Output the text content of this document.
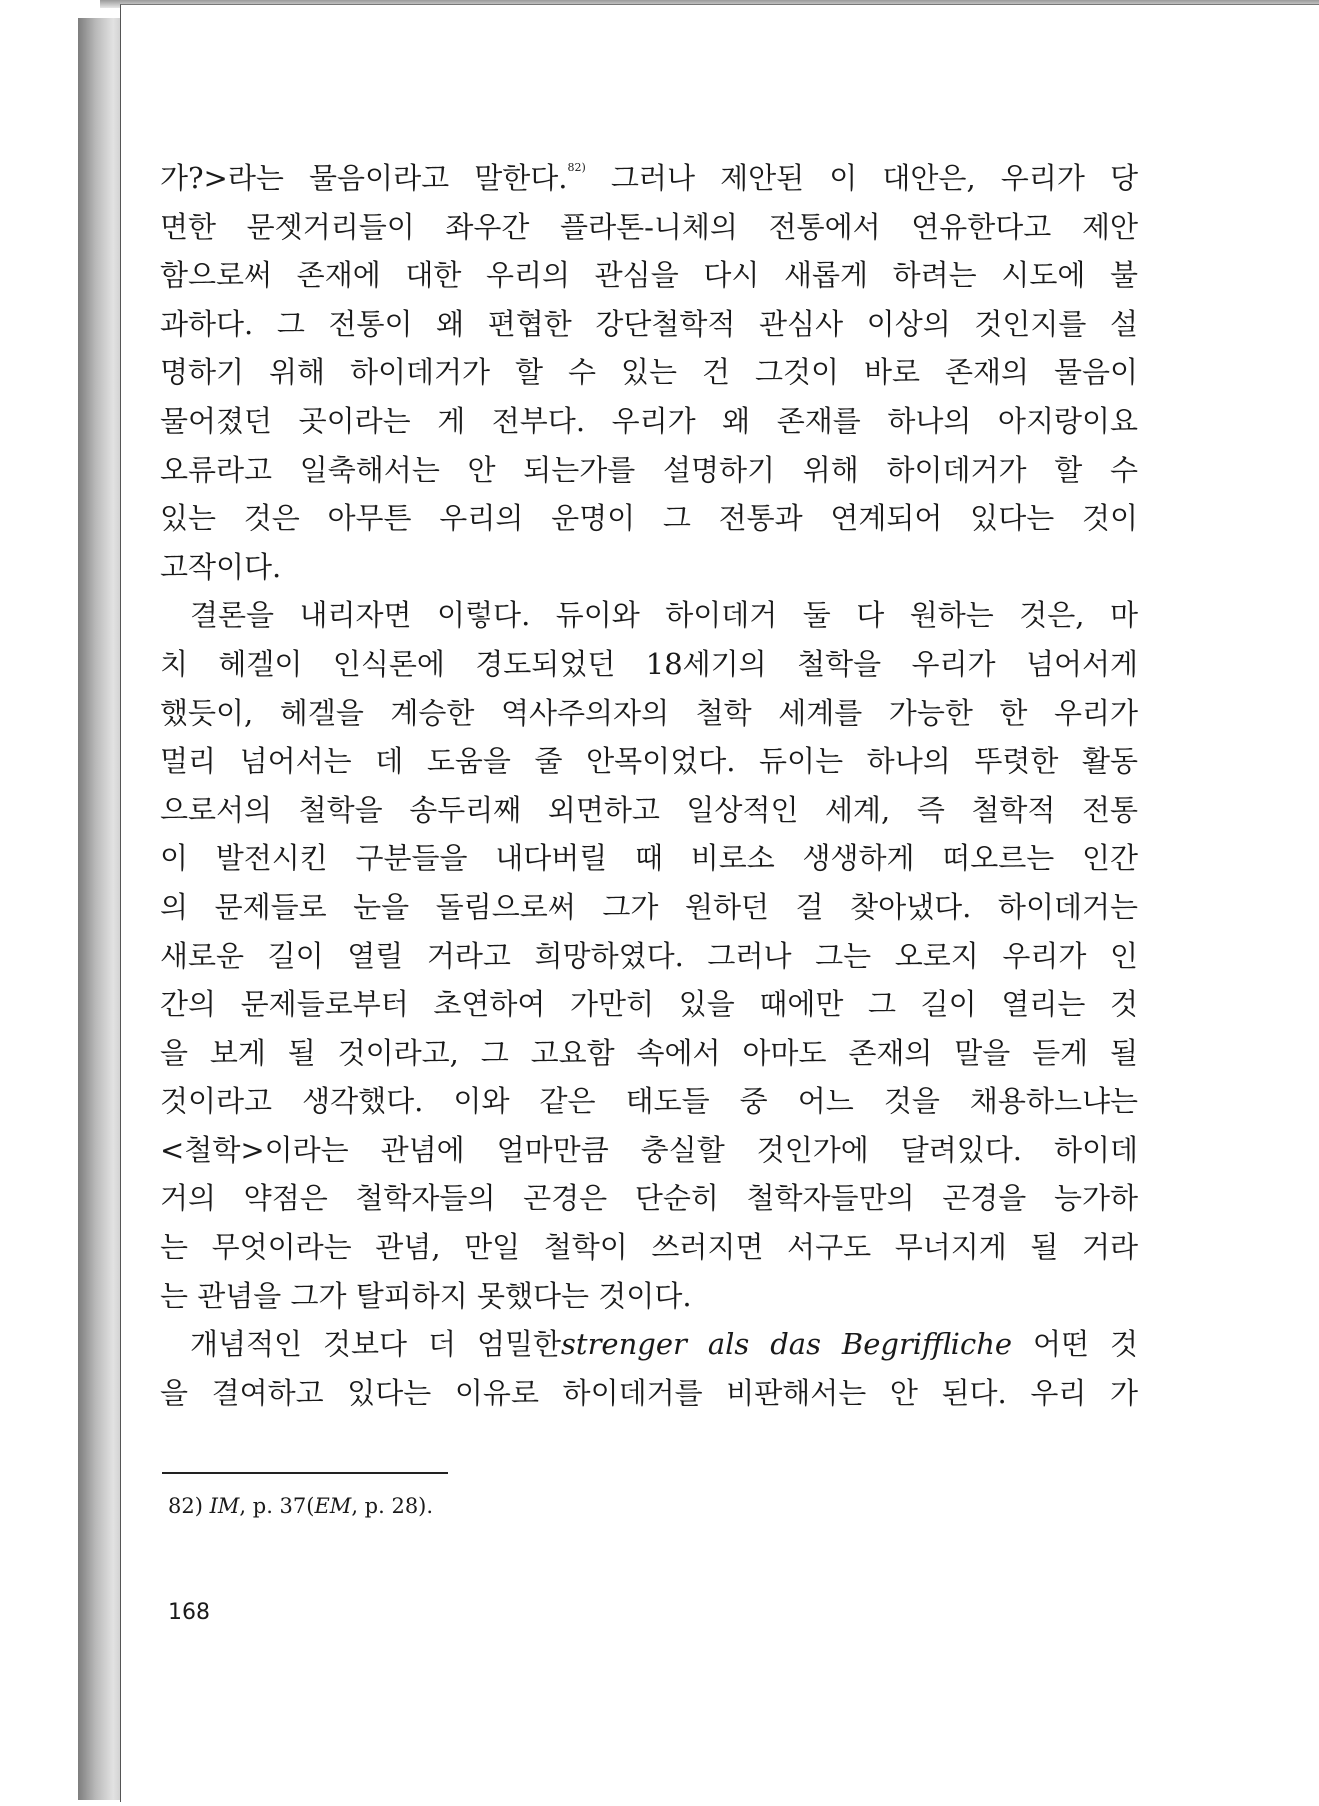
가?>라는 물음이라고 말한다.$^{82)}$ 그러나 제안된 이 대안은, 우리가 당
면한 문젯거리들이 좌우간 플라톤-니체의 전통에서 연유한다고 제안
함으로써 존재에 대한 우리의 관심을 다시 새롭게 하려는 시도에 불
과하다. 그 전통이 왜 편협한 강단철학적 관심사 이상의 것인지를 설
명하기 위해 하이데거가 할 수 있는 건 그것이 바로 존재의 물음이
물어졌던 곳이라는 게 전부다. 우리가 왜 존재를 하나의 아지랑이요
오류라고 일축해서는 안 되는가를 설명하기 위해 하이데거가 할 수
있는 것은 아무튼 우리의 운명이 그 전통과 연계되어 있다는 것이
고작이다.
결론을 내리자면 이렇다. 듀이와 하이데거 둘 다 원하는 것은, 마
치 헤겔이 인식론에 경도되었던 18세기의 철학을 우리가 넘어서게
했듯이, 헤겔을 계승한 역사주의자의 철학 세계를 가능한 한 우리가
멀리 넘어서는 데 도움을 줄 안목이었다. 듀이는 하나의 뚜렷한 활동
으로서의 철학을 송두리째 외면하고 일상적인 세계, 즉 철학적 전통
이 발전시킨 구분들을 내다버릴 때 비로소 생생하게 떠오르는 인간
의 문제들로 눈을 돌림으로써 그가 원하던 걸 찾아냈다. 하이데거는
새로운 길이 열릴 거라고 희망하였다. 그러나 그는 오로지 우리가 인
간의 문제들로부터 초연하여 가만히 있을 때에만 그 길이 열리는 것
을 보게 될 것이라고, 그 고요함 속에서 아마도 존재의 말을 듣게 될
것이라고 생각했다. 이와 같은 태도들 중 어느 것을 채용하느냐는
<철학>이라는 관념에 얼마만큼 충실할 것인가에 달려있다. 하이데
거의 약점은 철학자들의 곤경은 단순히 철학자들만의 곤경을 능가하
는 무엇이라는 관념, 만일 철학이 쓰러지면 서구도 무너지게 될 거라
는 관념을 그가 탈피하지 못했다는 것이다.
개념적인 것보다 더 엄밀한strenger als das Begriffliche 어떤 것
을 결여하고 있다는 이유로 하이데거를 비판해서는 안 된다. 우리 가
82) IM, p. 37(EM, p. 28).
168
